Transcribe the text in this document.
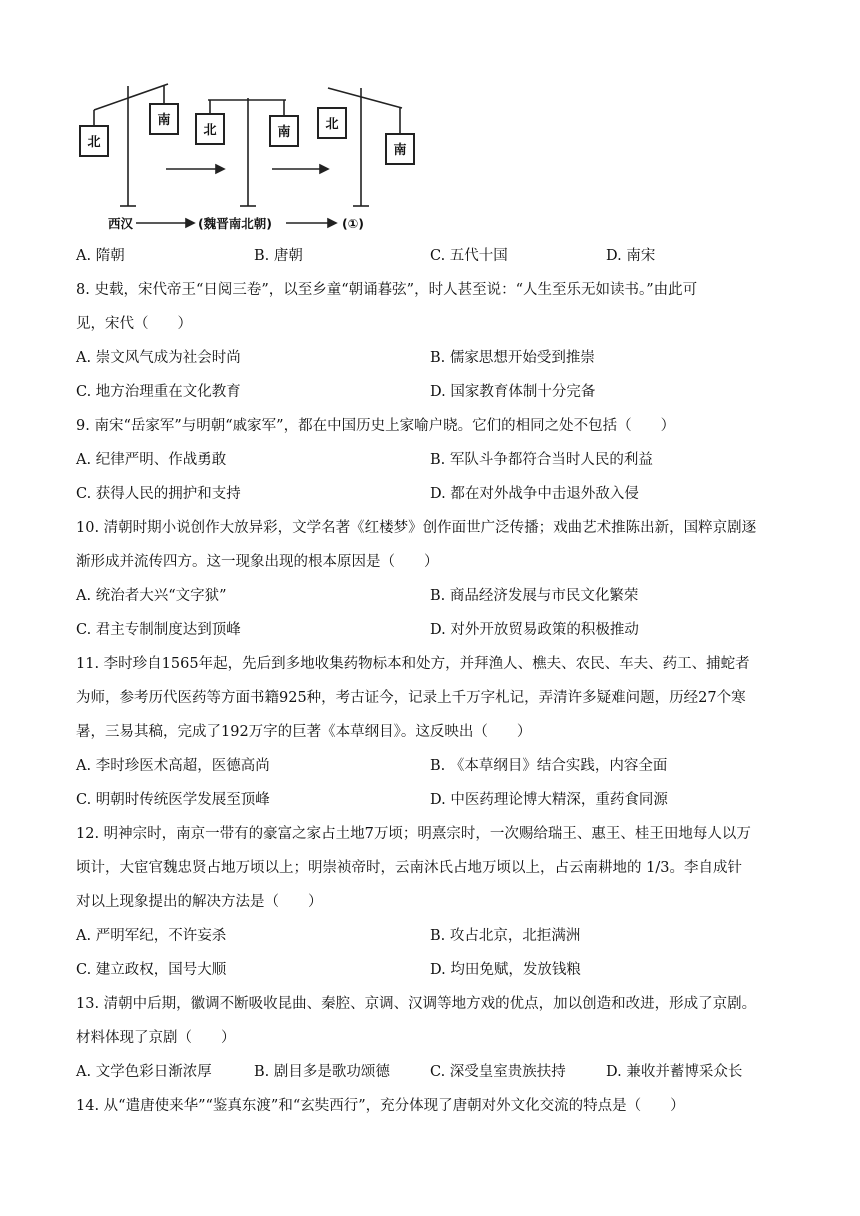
北
南
北	南
北
南
西汉	(魏晋南北朝)	(①)
A. 隋朝	B. 唐朝	C. 五代十国	D. 南宋
8. 史载，宋代帝王“日阅三卷”，以至乡童“朝诵暮弦”，时人甚至说：“人生至乐无如读书。”由此可
见，宋代（　　）
A. 崇文风气成为社会时尚	B. 儒家思想开始受到推崇
C. 地方治理重在文化教育	D. 国家教育体制十分完备
9. 南宋“岳家军”与明朝“戚家军”，都在中国历史上家喻户晓。它们的相同之处不包括（　　）
A. 纪律严明、作战勇敢	B. 军队斗争都符合当时人民的利益
C. 获得人民的拥护和支持	D. 都在对外战争中击退外敌入侵
10. 清朝时期小说创作大放异彩，文学名著《红楼梦》创作面世广泛传播；戏曲艺术推陈出新，国粹京剧逐
渐形成并流传四方。这一现象出现的根本原因是（　　）
A. 统治者大兴“文字狱”	B. 商品经济发展与市民文化繁荣
C. 君主专制制度达到顶峰	D. 对外开放贸易政策的积极推动
11. 李时珍自1565年起，先后到多地收集药物标本和处方，并拜渔人、樵夫、农民、车夫、药工、捕蛇者
为师，参考历代医药等方面书籍925种，考古证今，记录上千万字札记，弄清许多疑难问题，历经27个寒
暑，三易其稿，完成了192万字的巨著《本草纲目》。这反映出（　　）
A. 李时珍医术高超，医德高尚	B. 《本草纲目》结合实践，内容全面
C. 明朝时传统医学发展至顶峰	D. 中医药理论博大精深，重药食同源
12. 明神宗时，南京一带有的豪富之家占土地7万顷；明熹宗时，一次赐给瑞王、惠王、桂王田地每人以万
顷计，大宦官魏忠贤占地万顷以上；明崇祯帝时，云南沐氏占地万顷以上，占云南耕地的 1/3。李自成针
对以上现象提出的解决方法是（　　）
A. 严明军纪，不许妄杀	B. 攻占北京，北拒满洲
C. 建立政权，国号大顺	D. 均田免赋，发放钱粮
13. 清朝中后期，徽调不断吸收昆曲、秦腔、京调、汉调等地方戏的优点，加以创造和改进，形成了京剧。
材料体现了京剧（　　）
A. 文学色彩日渐浓厚	B. 剧目多是歌功颂德	C. 深受皇室贵族扶持	D. 兼收并蓄博采众长
14. 从“遣唐使来华”“鉴真东渡”和“玄奘西行”，充分体现了唐朝对外文化交流的特点是（　　）
